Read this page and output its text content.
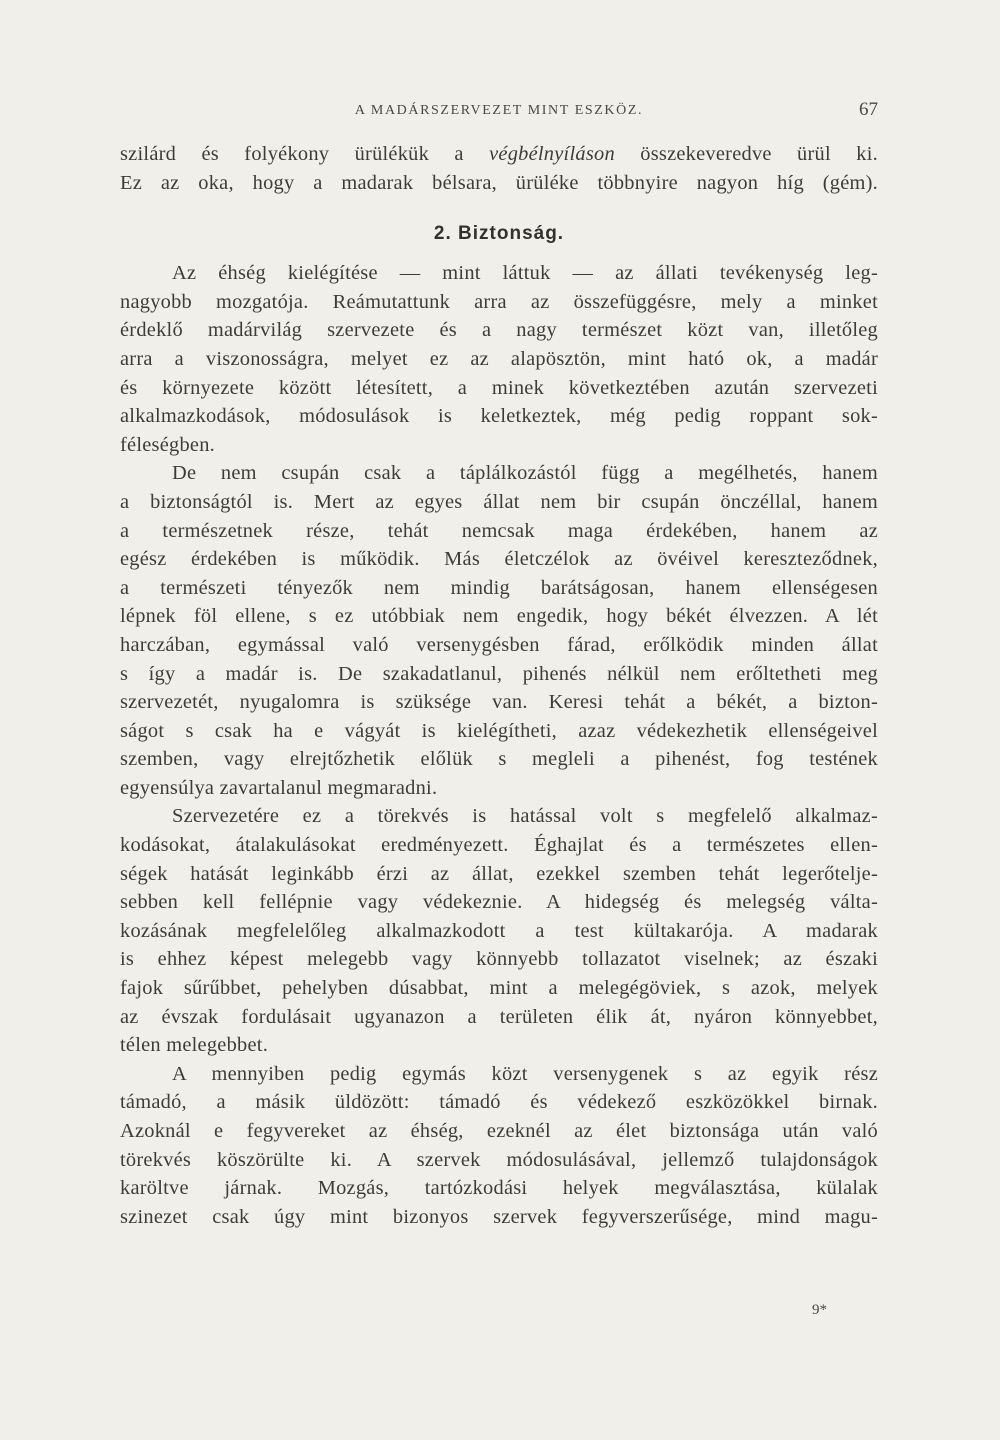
A MADÁRSZERVEZET MINT ESZKÖZ.	67
szilárd és folyékony ürülékük a végbélnyíláson összekeveredve ürül ki.
Ez az oka, hogy a madarak bélsara, ürüléke többnyire nagyon híg (gém).
2. Biztonság.
Az éhség kielégítése — mint láttuk — az állati tevékenység leg-
nagyobb mozgatója. Reámutattunk arra az összefüggésre, mely a minket
érdeklő madárvilág szervezete és a nagy természet közt van, illetőleg
arra a viszonosságra, melyet ez az alapösztön, mint ható ok, a madár
és környezete között létesített, a minek következtében azután szervezeti
alkalmazkodások, módosulások is keletkeztek, még pedig roppant sok-
féleségben.
De nem csupán csak a táplálkozástól függ a megélhetés, hanem
a biztonságtól is. Mert az egyes állat nem bir csupán önczéllal, hanem
a természetnek része, tehát nemcsak maga érdekében, hanem az
egész érdekében is működik. Más életczélok az övéivel kereszteződnek,
a természeti tényezők nem mindig barátságosan, hanem ellenségesen
lépnek föl ellene, s ez utóbbiak nem engedik, hogy békét élvezzen. A lét
harczában, egymással való versenygésben fárad, erőlködik minden állat
s így a madár is. De szakadatlanul, pihenés nélkül nem erőltetheti meg
szervezetét, nyugalomra is szüksége van. Keresi tehát a békét, a bizton-
ságot s csak ha e vágyát is kielégítheti, azaz védekezhetik ellenségeivel
szemben, vagy elrejtőzhetik előlük s megleli a pihenést, fog testének
egyensúlya zavartalanul megmaradni.
Szervezetére ez a törekvés is hatással volt s megfelelő alkalmaz-
kodásokat, átalakulásokat eredményezett. Éghajlat és a természetes ellen-
ségek hatását leginkább érzi az állat, ezekkel szemben tehát legerőtelje-
sebben kell fellépnie vagy védekeznie. A hidegség és melegség válta-
kozásának megfelelőleg alkalmazkodott a test kültakarója. A madarak
is ehhez képest melegebb vagy könnyebb tollazatot viselnek; az északi
fajok sűrűbbet, pehelyben dúsabbat, mint a melegégöviek, s azok, melyek
az évszak fordulásait ugyanazon a területen élik át, nyáron könnyebbet,
télen melegebbet.
A mennyiben pedig egymás közt versenygenek s az egyik rész
támadó, a másik üldözött: támadó és védekező eszközökkel birnak.
Azoknál e fegyvereket az éhség, ezeknél az élet biztonsága után való
törekvés köszörülte ki. A szervek módosulásával, jellemző tulajdonságok
karöltve járnak. Mozgás, tartózkodási helyek megválasztása, külalak
szinezet csak úgy mint bizonyos szervek fegyverszerűsége, mind magu-
9*
